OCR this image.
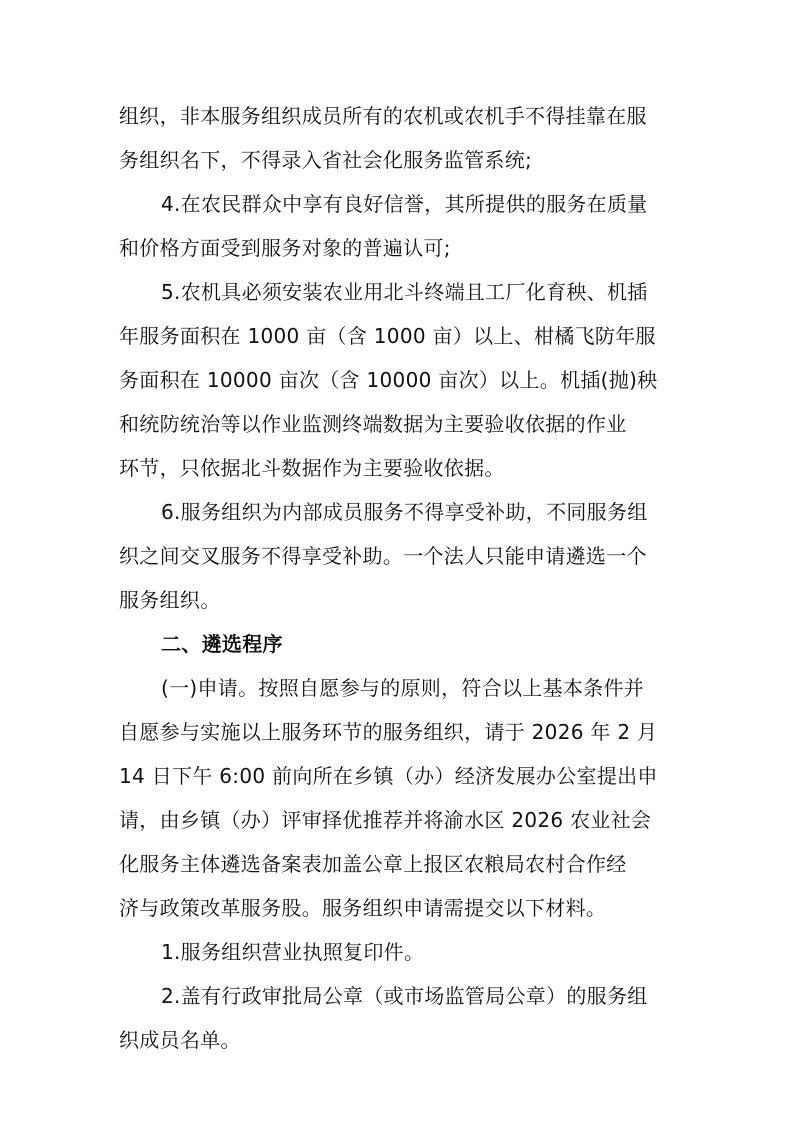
组织，非本服务组织成员所有的农机或农机手不得挂靠在服
务组织名下，不得录入省社会化服务监管系统;
4.在农民群众中享有良好信誉，其所提供的服务在质量
和价格方面受到服务对象的普遍认可;
5.农机具必须安装农业用北斗终端且工厂化育秧、机插
年服务面积在 1000 亩（含 1000 亩）以上、柑橘飞防年服
务面积在 10000 亩次（含 10000 亩次）以上。机插(抛)秧
和统防统治等以作业监测终端数据为主要验收依据的作业
环节，只依据北斗数据作为主要验收依据。
6.服务组织为内部成员服务不得享受补助，不同服务组
织之间交叉服务不得享受补助。一个法人只能申请遴选一个
服务组织。
二、遴选程序
(一)申请。按照自愿参与的原则，符合以上基本条件并
自愿参与实施以上服务环节的服务组织，请于 2026 年 2 月
14 日下午 6:00 前向所在乡镇（办）经济发展办公室提出申
请，由乡镇（办）评审择优推荐并将渝水区 2026 农业社会
化服务主体遴选备案表加盖公章上报区农粮局农村合作经
济与政策改革服务股。服务组织申请需提交以下材料。
1.服务组织营业执照复印件。
2.盖有行政审批局公章（或市场监管局公章）的服务组
织成员名单。
